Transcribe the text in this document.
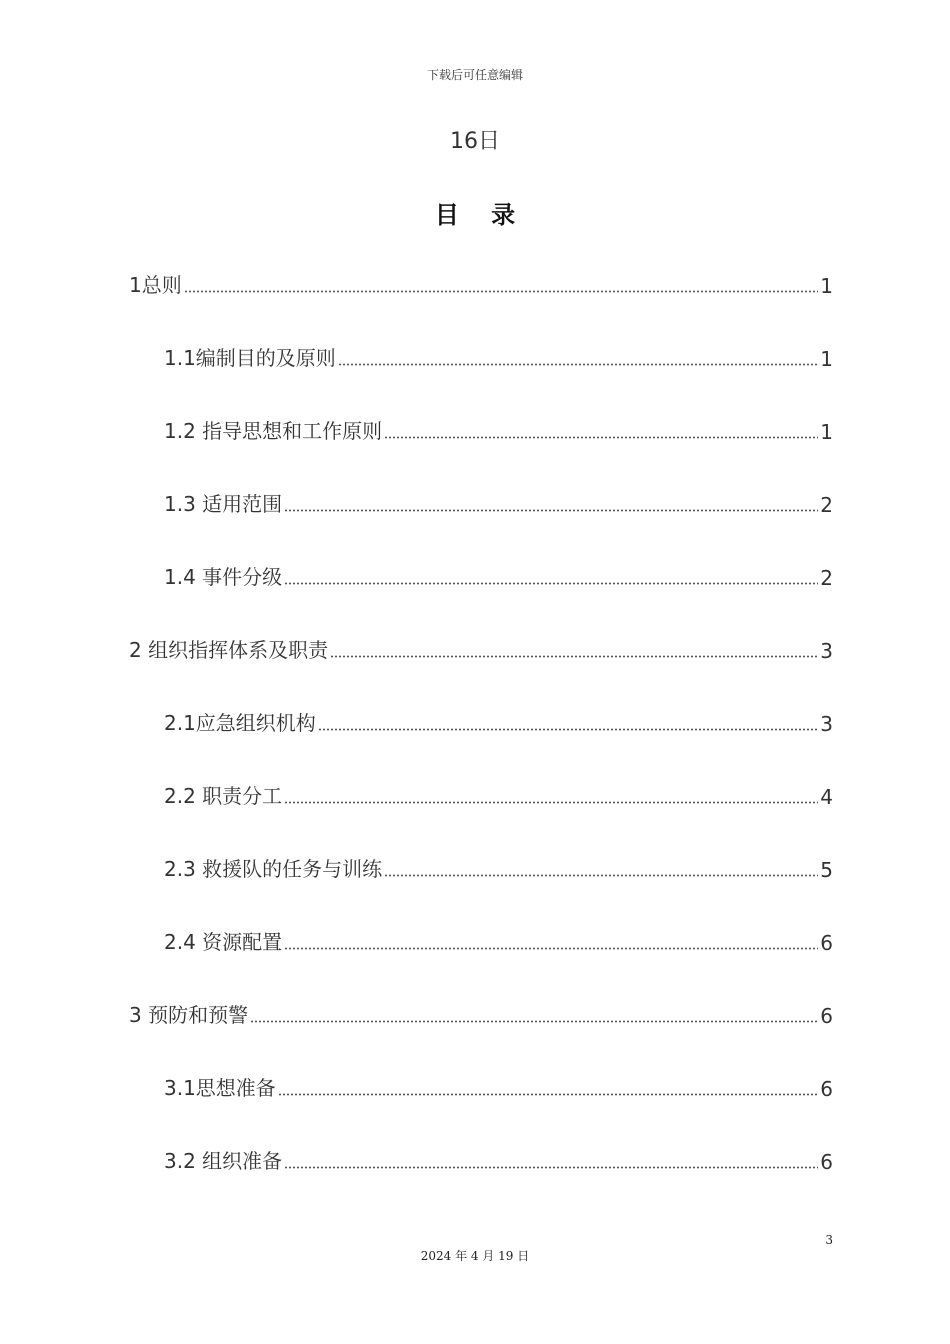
下载后可任意编辑
16日
目 录
1总则	1
1.1编制目的及原则	1
1.2 指导思想和工作原则	1
1.3 适用范围	2
1.4 事件分级	2
2 组织指挥体系及职责	3
2.1应急组织机构	3
2.2 职责分工	4
2.3 救援队的任务与训练	5
2.4 资源配置	6
3 预防和预警	6
3.1思想准备	6
3.2 组织准备	6
3
2024 年 4 月 19 日
